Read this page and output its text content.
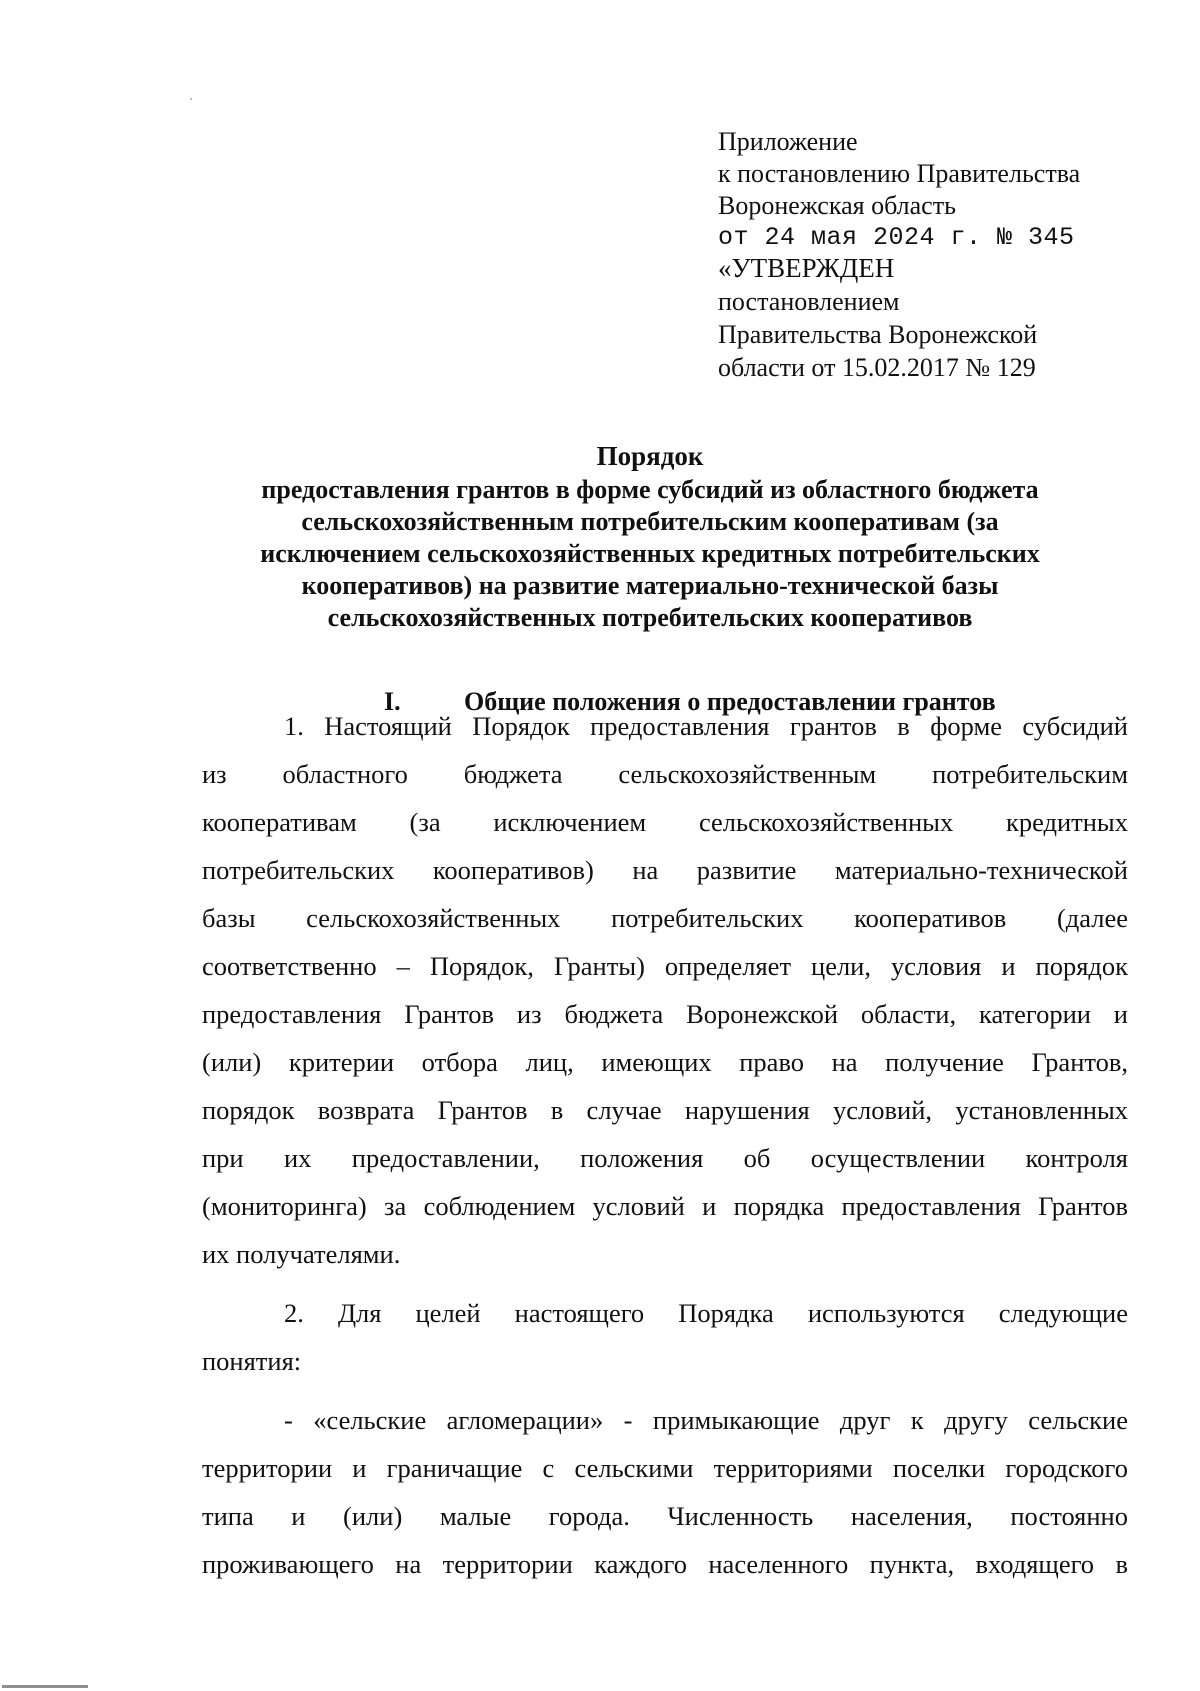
Приложение
к постановлению Правительства
Воронежская область
от 24 мая 2024 г. № 345
«УТВЕРЖДЕН
постановлением
Правительства Воронежской
области от 15.02.2017 № 129
Порядок
предоставления грантов в форме субсидий из областного бюджета
сельскохозяйственным потребительским кооперативам (за
исключением сельскохозяйственных кредитных потребительских
кооперативов) на развитие материально-технической базы
сельскохозяйственных потребительских кооперативов
I. Общие положения о предоставлении грантов
1. Настоящий Порядок предоставления грантов в форме субсидий
из областного бюджета сельскохозяйственным потребительским
кооперативам (за исключением сельскохозяйственных кредитных
потребительских кооперативов) на развитие материально-технической
базы сельскохозяйственных потребительских кооперативов (далее
соответственно – Порядок, Гранты) определяет цели, условия и порядок
предоставления Грантов из бюджета Воронежской области, категории и
(или) критерии отбора лиц, имеющих право на получение Грантов,
порядок возврата Грантов в случае нарушения условий, установленных
при их предоставлении, положения об осуществлении контроля
(мониторинга) за соблюдением условий и порядка предоставления Грантов
их получателями.
2. Для целей настоящего Порядка используются следующие
понятия:
- «сельские агломерации» - примыкающие друг к другу сельские
территории и граничащие с сельскими территориями поселки городского
типа и (или) малые города. Численность населения, постоянно
проживающего на территории каждого населенного пункта, входящего в
